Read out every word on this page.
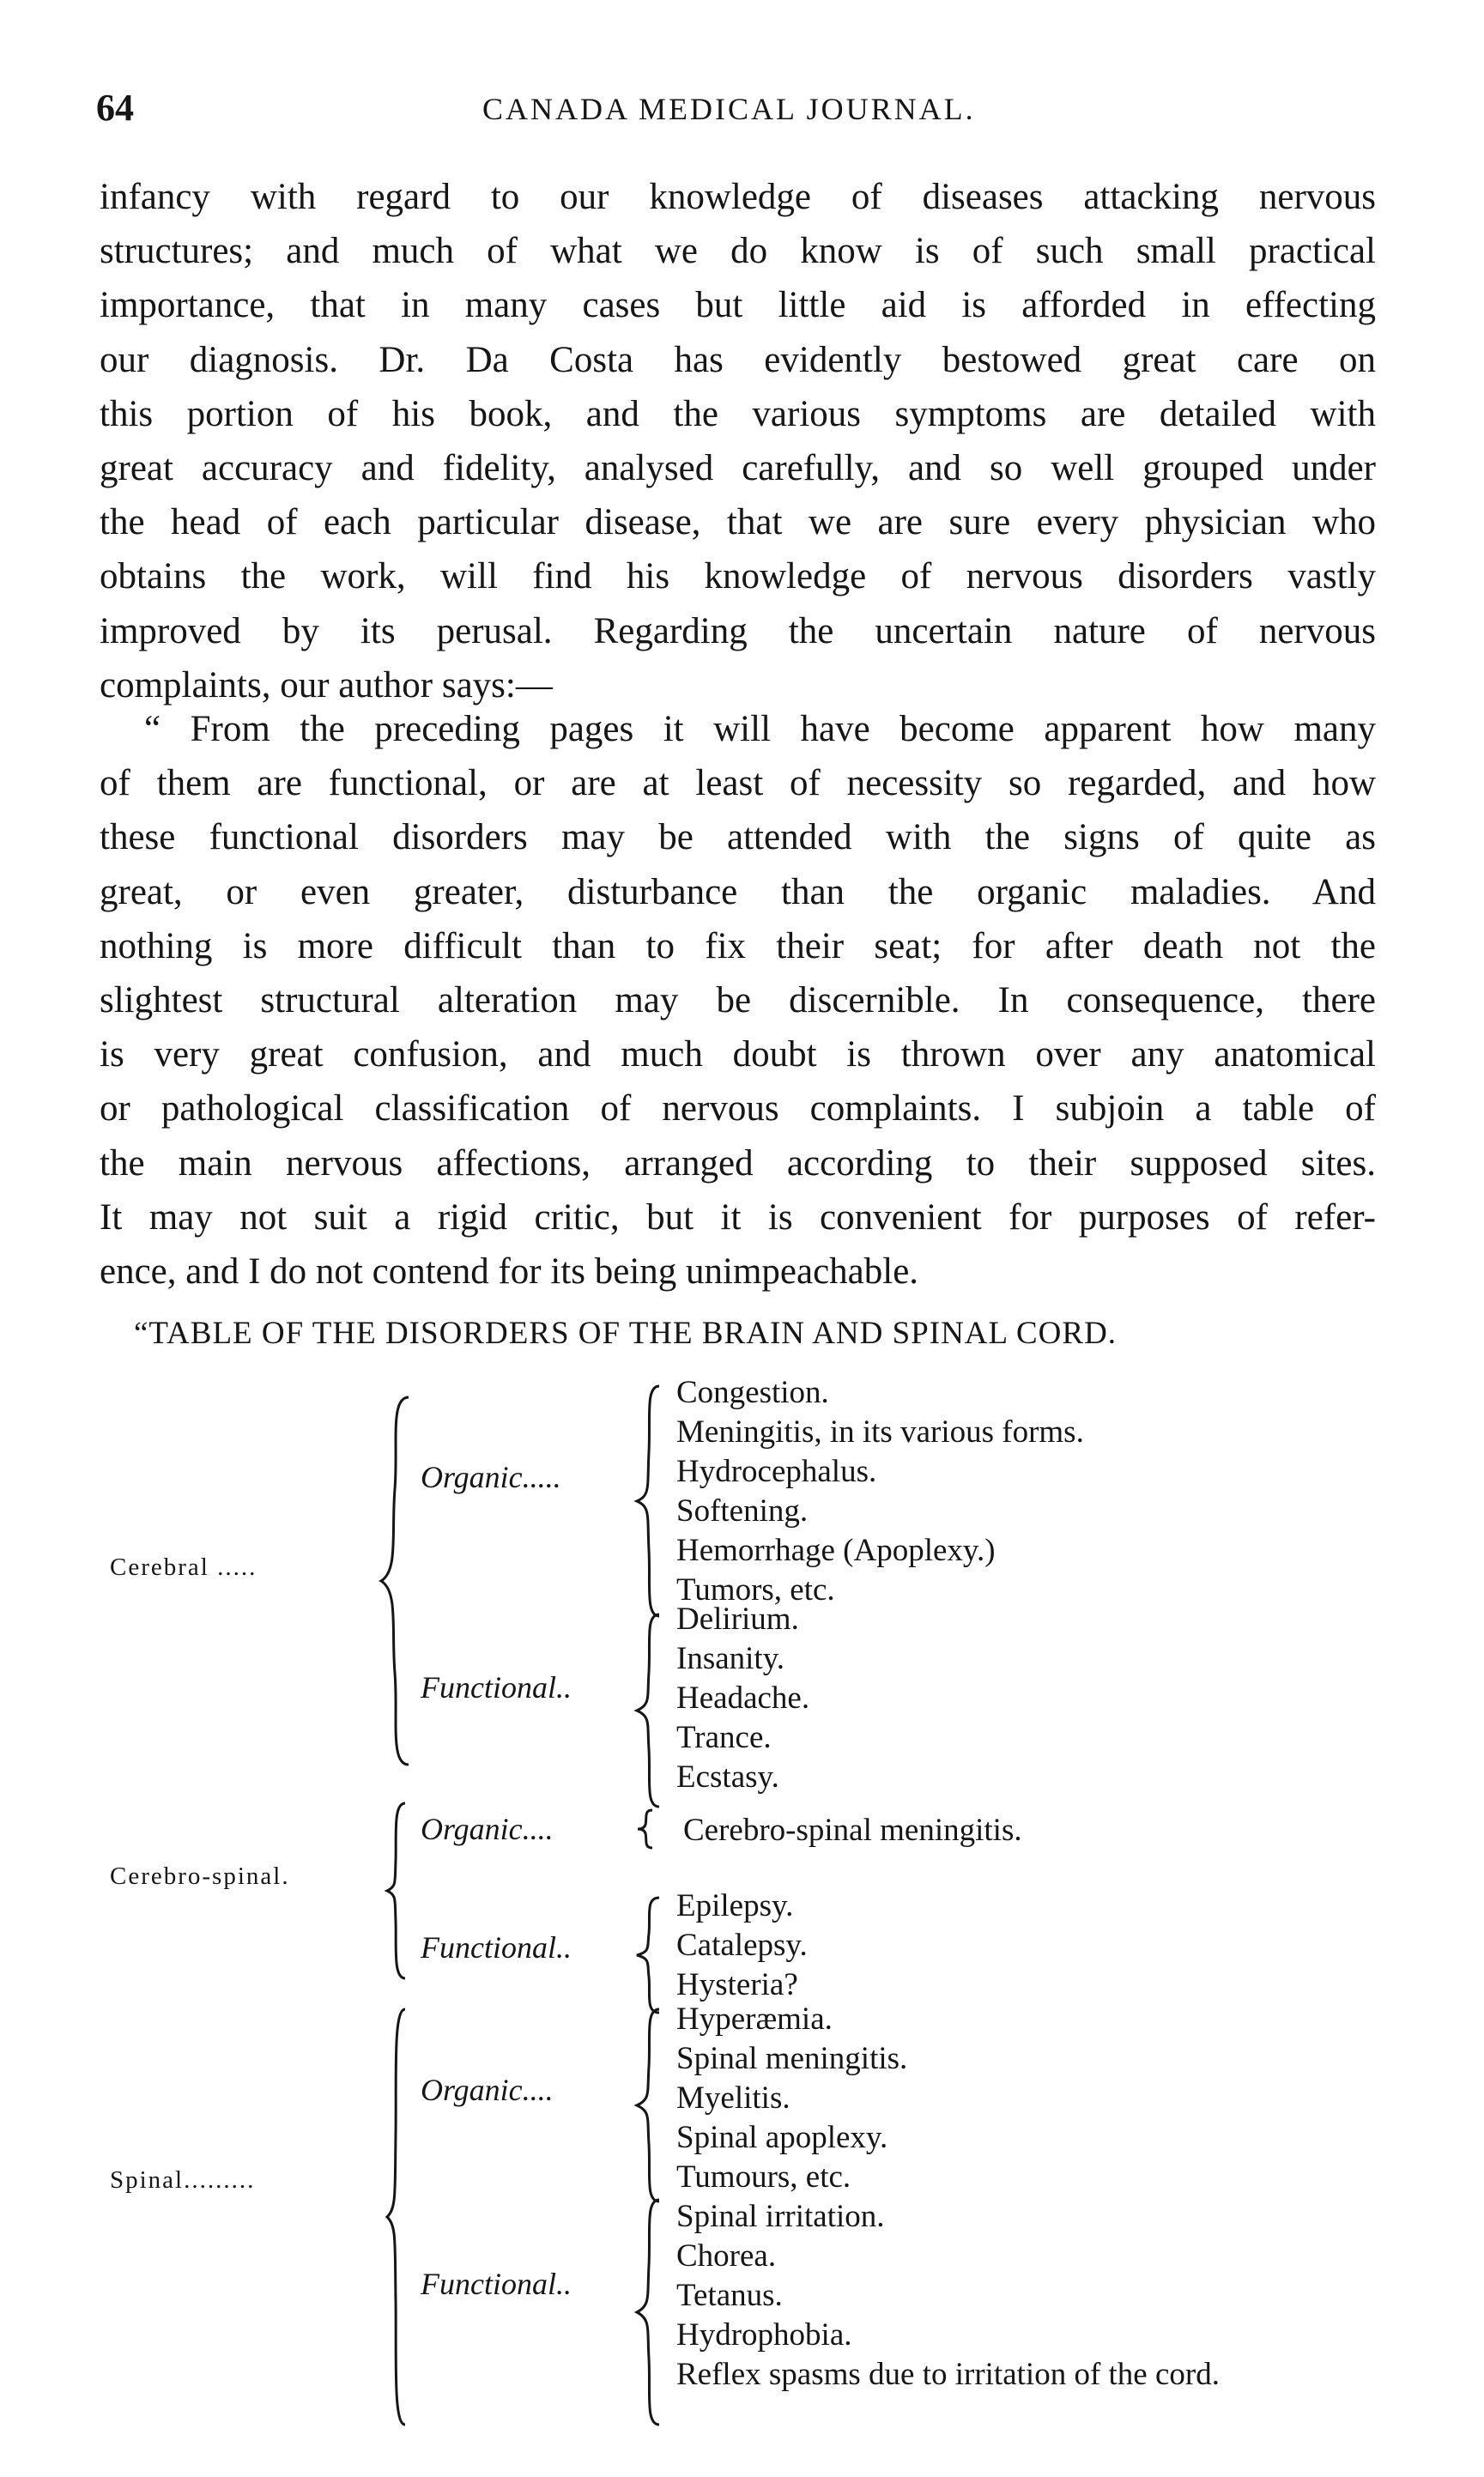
64	CANADA MEDICAL JOURNAL.

infancy with regard to our knowledge of diseases attacking nervous

structures; and much of what we do know is of such small practical

importance, that in many cases but little aid is afforded in effecting

our diagnosis. Dr. Da Costa has evidently bestowed great care on

this portion of his book, and the various symptoms are detailed with

great accuracy and fidelity, analysed carefully, and so well grouped under

the head of each particular disease, that we are sure every physician who

obtains the work, will find his knowledge of nervous disorders vastly

improved by its perusal. Regarding the uncertain nature of nervous

complaints, our author says:—

“ From the preceding pages it will have become apparent how many

of them are functional, or are at least of necessity so regarded, and how

these functional disorders may be attended with the signs of quite as

great, or even greater, disturbance than the organic maladies. And

nothing is more difficult than to fix their seat; for after death not the

slightest structural alteration may be discernible. In consequence, there

is very great confusion, and much doubt is thrown over any anatomical

or pathological classification of nervous complaints. I subjoin a table of

the main nervous affections, arranged according to their supposed sites.

It may not suit a rigid critic, but it is convenient for purposes of refer-

ence, and I do not contend for its being unimpeachable.

“TABLE OF THE DISORDERS OF THE BRAIN AND SPINAL CORD.
Cerebral .....
Organic.....
Congestion.
Meningitis, in its various forms.
Hydrocephalus.
Softening.
Hemorrhage (Apoplexy.)
Tumors, etc.
Functional..
Delirium.
Insanity.
Headache.
Trance.
Ecstasy.
Cerebro-spinal.
Organic....	Cerebro-spinal meningitis.
Functional..
Epilepsy.
Catalepsy.
Hysteria?
Spinal.........
Organic....
Hyperæmia.
Spinal meningitis.
Myelitis.
Spinal apoplexy.
Tumours, etc.
Functional..
Spinal irritation.
Chorea.
Tetanus.
Hydrophobia.
Reflex spasms due to irritation of the cord.
